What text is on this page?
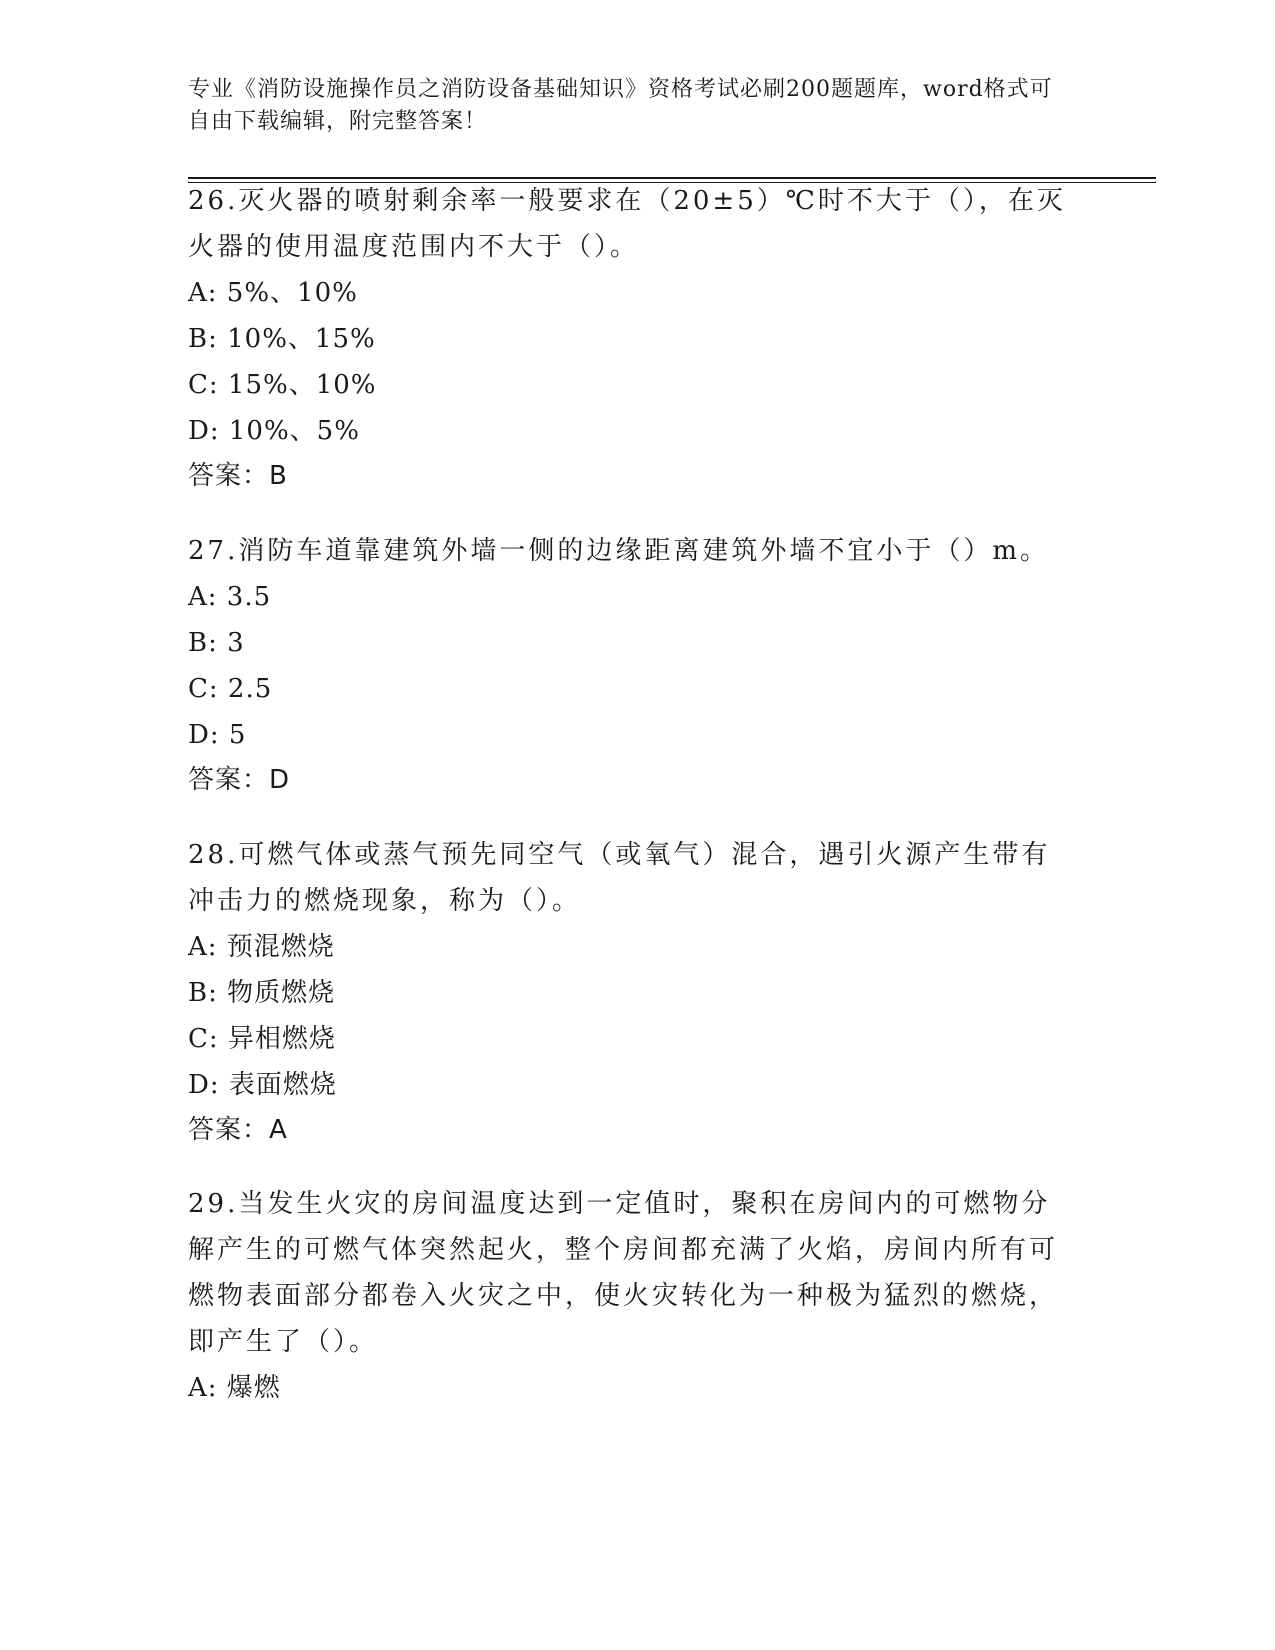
专业《消防设施操作员之消防设备基础知识》资格考试必刷200题题库，word格式可自由下载编辑，附完整答案！

26.灭火器的喷射剩余率一般要求在（20±5）℃时不大于（），在灭火器的使用温度范围内不大于（）。

A: 5%、10%

B: 10%、15%

C: 15%、10%

D: 10%、5%

答案：B

27.消防车道靠建筑外墙一侧的边缘距离建筑外墙不宜小于（）m。

A: 3.5

B: 3

C: 2.5

D: 5

答案：D

28.可燃气体或蒸气预先同空气（或氧气）混合，遇引火源产生带有冲击力的燃烧现象，称为（）。

A: 预混燃烧

B: 物质燃烧

C: 异相燃烧

D: 表面燃烧

答案：A

29.当发生火灾的房间温度达到一定值时，聚积在房间内的可燃物分解产生的可燃气体突然起火，整个房间都充满了火焰，房间内所有可燃物表面部分都卷入火灾之中，使火灾转化为一种极为猛烈的燃烧，即产生了（）。

A: 爆燃
